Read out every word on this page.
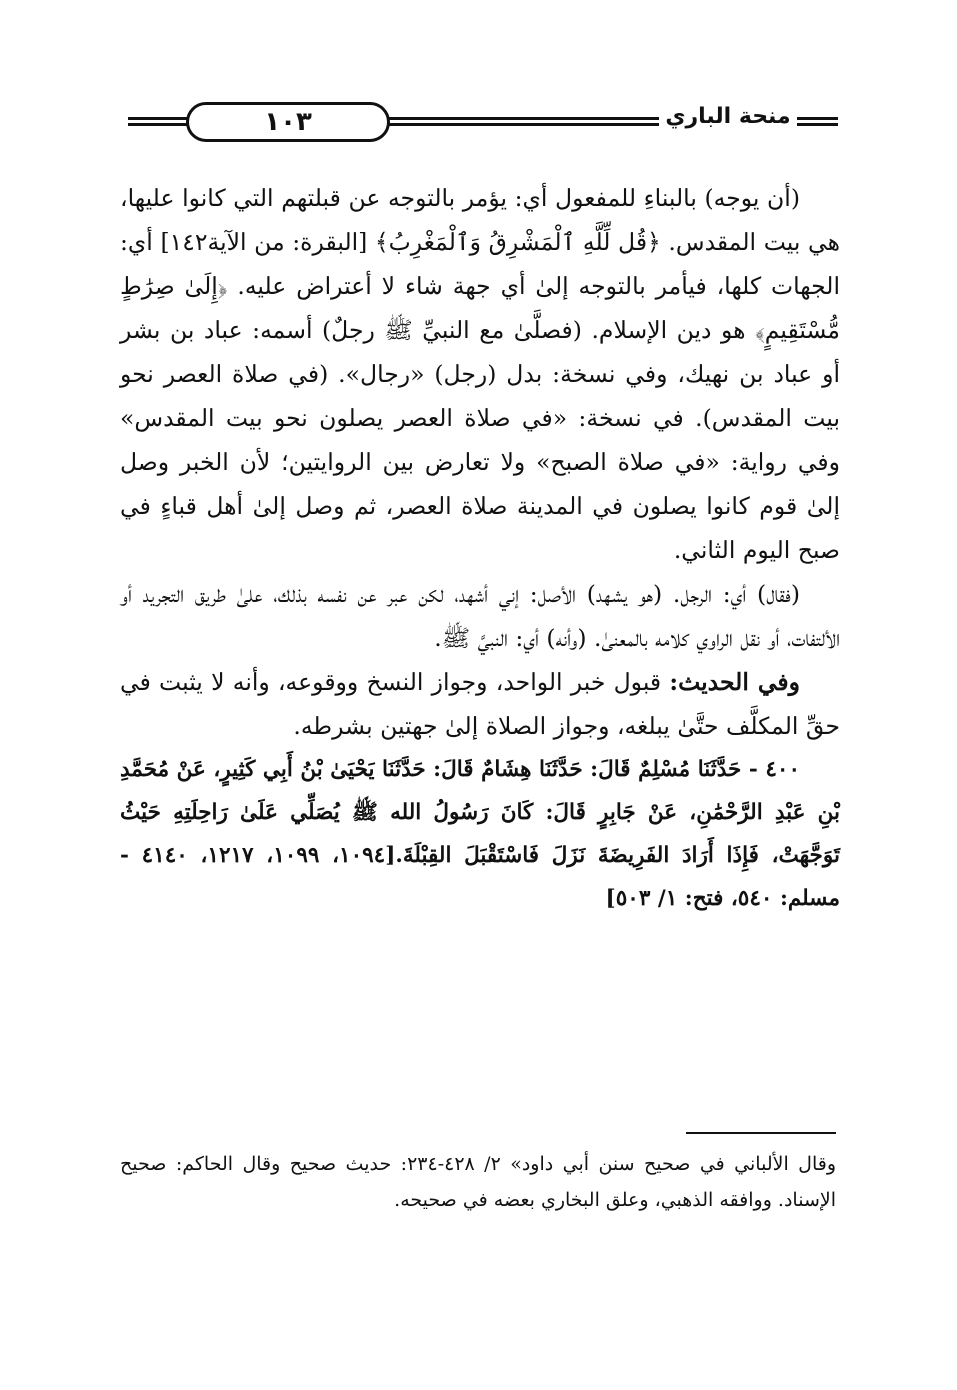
١٠٣	منحة الباري

(أن يوجه) بالبناءِ للمفعول أي: يؤمر بالتوجه عن قبلتهم التي كانوا عليها، هي بيت المقدس. ﴿قُل لِّلَّهِ ٱلْمَشْرِقُ وَٱلْمَغْرِبُ﴾ [البقرة: من الآية١٤٢] أي: الجهات كلها، فيأمر بالتوجه إلىٰ أي جهة شاء لا أعتراض عليه. ﴿إِلَىٰ صِرَٰطٍ مُّسْتَقِيمٍ﴾ هو دين الإسلام. (فصلَّىٰ مع النبيِّ ﷺ رجلٌ) أسمه: عباد بن بشر أو عباد بن نهيك، وفي نسخة: بدل (رجل) «رجال». (في صلاة العصر نحو بيت المقدس). في نسخة: «في صلاة العصر يصلون نحو بيت المقدس» وفي رواية: «في صلاة الصبح» ولا تعارض بين الروايتين؛ لأن الخبر وصل إلىٰ قوم كانوا يصلون في المدينة صلاة العصر، ثم وصل إلىٰ أهل قباءٍ في صبح اليوم الثاني.

(فقال) أي: الرجل. (هو يشهد) الأصل: إني أشهد، لكن عبر عن نفسه بذلك، علىٰ طريق التجريد أو الألتفات، أو نقل الراوي كلامه بالمعنىٰ. (وأنه) أي: النبيَّ ﷺ.

وفي الحديث: قبول خبر الواحد، وجواز النسخ ووقوعه، وأنه لا يثبت في حقِّ المكلَّف حتَّىٰ يبلغه، وجواز الصلاة إلىٰ جهتين بشرطه.

٤٠٠ - حَدَّثَنَا مُسْلِمٌ قَالَ: حَدَّثَنَا هِشَامٌ قَالَ: حَدَّثَنَا يَحْيَىٰ بْنُ أَبِي كَثِيرٍ، عَنْ مُحَمَّدِ بْنِ عَبْدِ الرَّحْمَٰنِ، عَنْ جَابِرٍ قَالَ: كَانَ رَسُولُ الله ﷺ يُصَلِّي عَلَىٰ رَاحِلَتِهِ حَيْثُ تَوَجَّهَتْ، فَإِذَا أَرَادَ الفَرِيضَةَ نَزَلَ فَاسْتَقْبَلَ القِبْلَةَ.[١٠٩٤، ١٠٩٩، ١٢١٧، ٤١٤٠ - مسلم: ٥٤٠، فتح: ١/ ٥٠٣]

وقال الألباني في صحيح سنن أبي داود» ٢/ ٤٢٨-٢٣٤: حديث صحيح وقال الحاكم: صحيح الإسناد. ووافقه الذهبي، وعلق البخاري بعضه في صحيحه.
